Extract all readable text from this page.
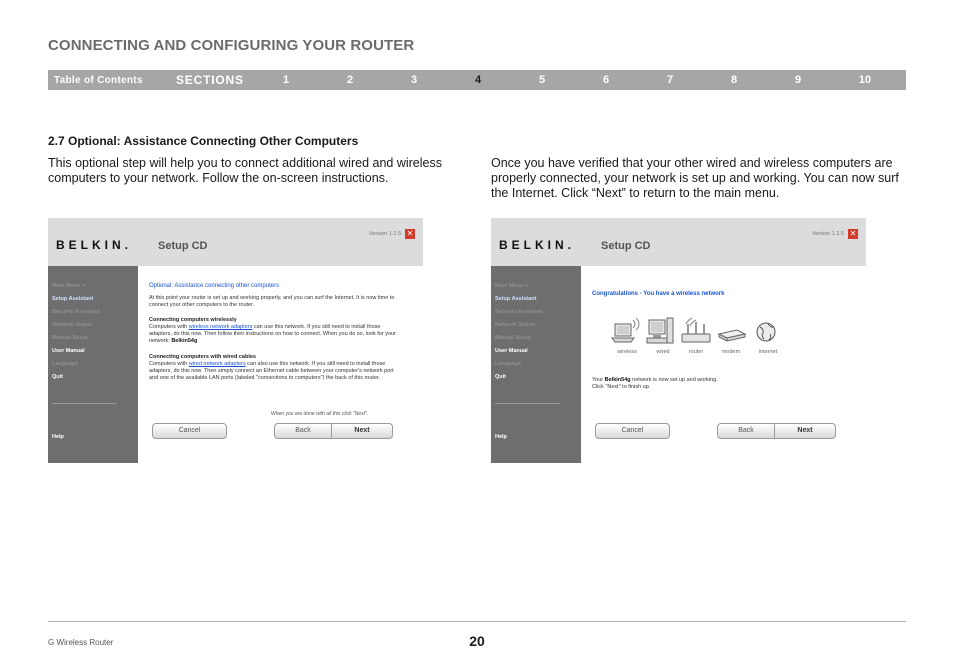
CONNECTING AND CONFIGURING YOUR ROUTER
Table of Contents	SECTIONS	1	2	3	4	5	6	7	8	9	10
2.7 Optional: Assistance Connecting Other Computers
This optional step will help you to connect additional wired and wireless computers to your network. Follow the on-screen instructions.
Once you have verified that your other wired and wireless computers are properly connected, your network is set up and working. You can now surf the Internet. Click “Next” to return to the main menu.
BELKIN. Setup CD
Version 1.1.5 ✕
Main Menu >
Setup Assistant
Security Assistant
Network Status
Manual Setup
User Manual
Language
Quit
Help
Optional: Assistance connecting other computers
At this point your router is set up and working properly, and you can surf the Internet. It is now time to connect your other computers to the router.
Connecting computers wirelessly
Computers with wireless network adapters can use this network. If you still need to install those adapters, do this now. Then follow their instructions on how to connect. When you do so, look for your network: Belkin54g
Connecting computers with wired cables
Computers with wired network adapters can also use this network. If you still need to install those adapters, do this now. Then simply connect an Ethernet cable between your computer's network port and one of the available LAN ports (labeled "connections to computers") the back of this router.
When you are done with all this click "Next".
Cancel	Back	Next
BELKIN. Setup CD
Version 1.1.5 ✕
Main Menu >
Setup Assistant
Security Assistant
Network Status
Manual Setup
User Manual
Language
Quit
Help
Congratulations - You have a wireless network
wireless	wired	router	modem	internet
Your Belkin54g network is now set up and working.
Click "Next" to finish up.
Cancel	Back	Next
G Wireless Router	20
